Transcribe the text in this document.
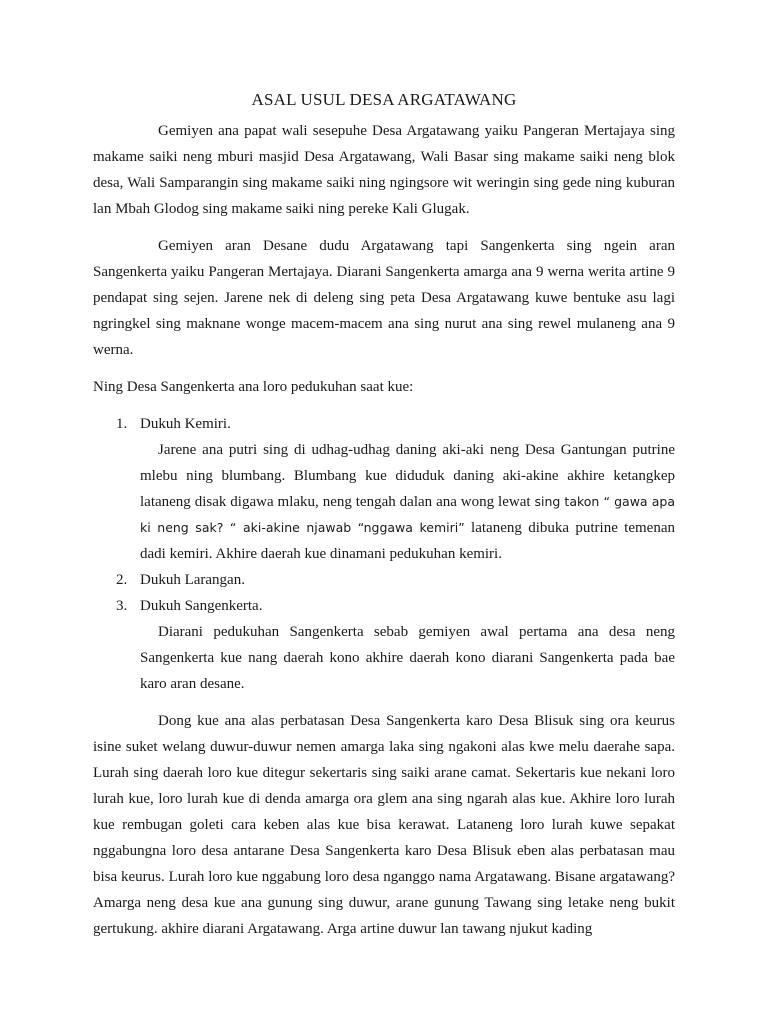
ASAL USUL DESA ARGATAWANG

Gemiyen ana papat wali sesepuhe Desa Argatawang yaiku Pangeran Mertajaya sing makame saiki neng mburi masjid Desa Argatawang, Wali Basar sing makame saiki neng blok desa, Wali Samparangin sing makame saiki ning ngingsore wit weringin sing gede ning kuburan lan Mbah Glodog sing makame saiki ning pereke Kali Glugak.

Gemiyen aran Desane dudu Argatawang tapi Sangenkerta sing ngein aran Sangenkerta yaiku Pangeran Mertajaya. Diarani Sangenkerta amarga ana 9 werna werita artine 9 pendapat sing sejen. Jarene nek di deleng sing peta Desa Argatawang kuwe bentuke asu lagi ngringkel sing maknane wonge macem-macem ana sing nurut ana sing rewel mulaneng ana 9 werna.

Ning Desa Sangenkerta ana loro pedukuhan saat kue:

1. Dukuh Kemiri.

Jarene ana putri sing di udhag-udhag daning aki-aki neng Desa Gantungan putrine mlebu ning blumbang. Blumbang kue diduduk daning aki-akine akhire ketangkep lataneng disak digawa mlaku, neng tengah dalan ana wong lewat sing takon “ gawa apa ki neng sak? “ aki-akine njawab “nggawa kemiri” lataneng dibuka putrine temenan dadi kemiri. Akhire daerah kue dinamani pedukuhan kemiri.

2. Dukuh Larangan.
3. Dukuh Sangenkerta.

Diarani pedukuhan Sangenkerta sebab gemiyen awal pertama ana desa neng Sangenkerta kue nang daerah kono akhire daerah kono diarani Sangenkerta pada bae karo aran desane.

Dong kue ana alas perbatasan Desa Sangenkerta karo Desa Blisuk sing ora keurus isine suket welang duwur-duwur nemen amarga laka sing ngakoni alas kwe melu daerahe sapa. Lurah sing daerah loro kue ditegur sekertaris sing saiki arane camat. Sekertaris kue nekani loro lurah kue, loro lurah kue di denda amarga ora glem ana sing ngarah alas kue. Akhire loro lurah kue rembugan goleti cara keben alas kue bisa kerawat. Lataneng loro lurah kuwe sepakat nggabungna loro desa antarane Desa Sangenkerta karo Desa Blisuk eben alas perbatasan mau bisa keurus. Lurah loro kue nggabung loro desa nganggo nama Argatawang. Bisane argatawang? Amarga neng desa kue ana gunung sing duwur, arane gunung Tawang sing letake neng bukit gertukung. akhire diarani Argatawang. Arga artine duwur lan tawang njukut kading
